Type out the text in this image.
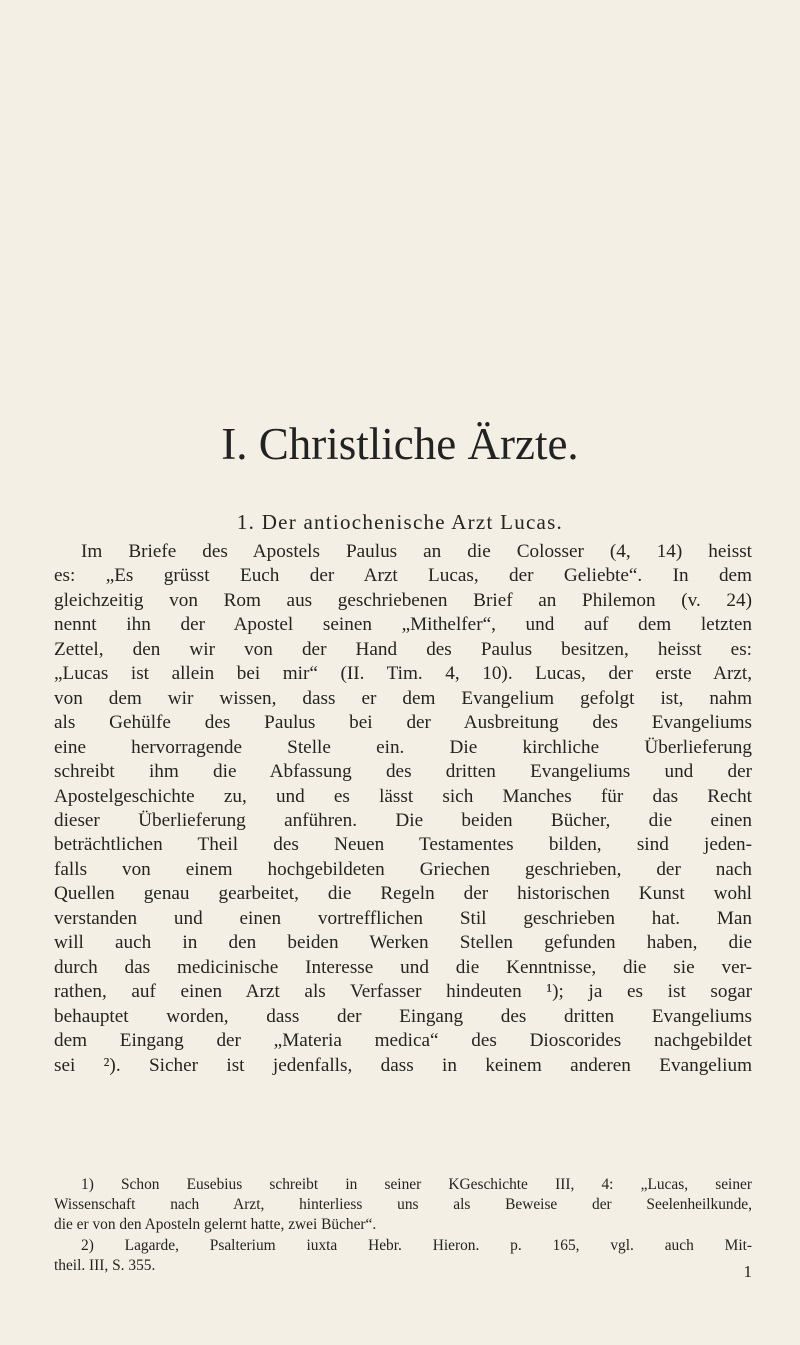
I. Christliche Ärzte.
1. Der antiochenische Arzt Lucas.
Im Briefe des Apostels Paulus an die Colosser (4, 14) heisst
es: „Es grüsst Euch der Arzt Lucas, der Geliebte“. In dem
gleichzeitig von Rom aus geschriebenen Brief an Philemon (v. 24)
nennt ihn der Apostel seinen „Mithelfer“, und auf dem letzten
Zettel, den wir von der Hand des Paulus besitzen, heisst es:
„Lucas ist allein bei mir“ (II. Tim. 4, 10). Lucas, der erste Arzt,
von dem wir wissen, dass er dem Evangelium gefolgt ist, nahm
als Gehülfe des Paulus bei der Ausbreitung des Evangeliums
eine hervorragende Stelle ein. Die kirchliche Überlieferung
schreibt ihm die Abfassung des dritten Evangeliums und der
Apostelgeschichte zu, und es lässt sich Manches für das Recht
dieser Überlieferung anführen. Die beiden Bücher, die einen
beträchtlichen Theil des Neuen Testamentes bilden, sind jeden-
falls von einem hochgebildeten Griechen geschrieben, der nach
Quellen genau gearbeitet, die Regeln der historischen Kunst wohl
verstanden und einen vortrefflichen Stil geschrieben hat. Man
will auch in den beiden Werken Stellen gefunden haben, die
durch das medicinische Interesse und die Kenntnisse, die sie ver-
rathen, auf einen Arzt als Verfasser hindeuten ¹); ja es ist sogar
behauptet worden, dass der Eingang des dritten Evangeliums
dem Eingang der „Materia medica“ des Dioscorides nachgebildet
sei ²). Sicher ist jedenfalls, dass in keinem anderen Evangelium
1) Schon Eusebius schreibt in seiner KGeschichte III, 4: „Lucas, seiner
Wissenschaft nach Arzt, hinterliess uns als Beweise der Seelenheilkunde,
die er von den Aposteln gelernt hatte, zwei Bücher“.
2) Lagarde, Psalterium iuxta Hebr. Hieron. p. 165, vgl. auch Mit-
theil. III, S. 355.	1
